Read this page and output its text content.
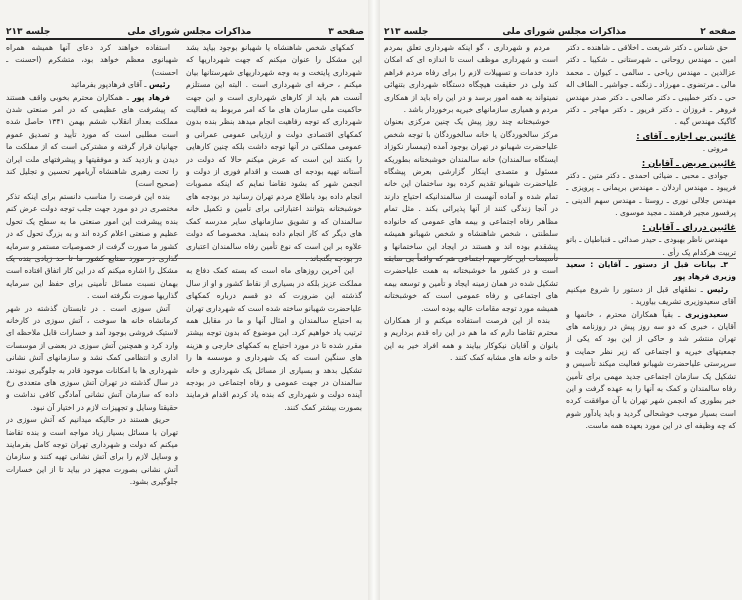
صفحه ۳
مذاکرات مجلس شورای ملی
جلسه ۲۱۳

استفاده خواهند کرد دعای آنها همیشه همراه شهبانوی معظم خواهد بود، متشکرم (احسنت ـ احسنت)

رئیس ـ آقای فرهادپور بفرمائید

فرهاد پور ـ همکاران محترم بخوبی واقف هستند که پیشرفت های عظیمی که در امر صنعتی شدن مملکت بعداز انقلاب ششم بهمن ۱۳۴۱ حاصل شده است مطلبی است که مورد تأیید و تصدیق عموم جهانیان قرار گرفته و مشترکی است که از مملکت ما دیدن و بازدید کند و موفقیتها و پیشرفتهای ملت ایران را تحت رهبری شاهنشاه آریامهر تحسین و تجلیل کند (صحیح است)

بنده این فرصت را مناسب دانستم برای اینکه تذکر مختصری در دو مورد جهت جلب توجه دولت عرض کنم بنده پیشرفت این امور صنعتی ما به سطح یک تحول عظیم و صنعتی اعلام کرده اند و به بزرگ تحول که در کشور ما صورت گرفت از خصوصیات مستمر و سرمایه مشکل را اشاره میکنم که در این کار اتفاق افتاده است بهمان نسبت مسائل تأمینی برای حفظ این سرمایه گذاریها صورت نگرفته است .

آتش سوزی است . در تابستان گذشته در شهر کرمانشاه خانه ها سوخت ، آتش سوزی در کارخانه لاستیک فروشی بوجود آمد و خسارات قابل ملاحظه ای وارد کرد و همچنین آتش سوزی در بعضی از موسسات اداری و انتظامی کمک نشد و سازمانهای آتش نشانی شهرداری ها با امکانات موجود قادر به جلوگیری نبودند. در سال گذشته در تهران آتش سوزی های متعددی رخ داده که سازمان آتش نشانی آمادگی کافی نداشت و حقیقتا وسایل و تجهیزات لازم در اختیار آن نبود.

حریق هستند در حالیکه میدانیم که آتش سوزی در تهران با مسائل بسیار زیاد مواجه است و بنده تقاضا میکنم که دولت و شهرداری تهران توجه کامل بفرمایند و وسایل لازم را برای آتش نشانی تهیه کنند و سازمان آتش نشانی بصورت مجهز در بیاید تا از این خسارات جلوگیری بشود.

کمکهای شخص شاهنشاه یا شهبانو بوجود بیاید بشد این مشکل را عنوان میکنم که جهت شهرداریها که شهرداری پایتخت و به وجه شهرداریهای شهرستانها بیان میکنم ، حرفه ای شهرداری است . البته این مستلزم آنست هم باید از کارهای شهرداری است و این جهت حاکمیت ملی سازمان های ما که امر مربوط به فعالیت شهرداری که توجه رفاهیت انجام میدهد بنظر بنده بدون کمکهای اقتصادی دولت و ارزیابی عمومی عمرانی و عمومی مملکتی در آنها توجه داشت بلکه چنین کارهایی را بکنند این است که عرض میکنم حالا که دولت در آستانه تهیه بودجه ای هست و اقدام فوری از دولت و انجمن شهر که بشود تقاضا نمایم که اینکه مصوبات انجام داده بود باطلاع مردم تهران رسانید در بودجه های خوشبختانه بتوانند اعتباراتی برای تأمین و تکمیل خانه سالمندان که و تشویق سازمانهای سایر مدرسه کمک های دیگر که کار انجام داده بنماید. مخصوصا که دولت علاوه بر این است که نوع تأمین رفاه سالمندان اعتباری

این آخرین روزهای ماه است که بسته کمک دفاع به مملکت عزیز بلکه در بسیاری از نقاط کشور و او از سال گذشته این ضرورت که دو قسم درباره کمکهای علیاحضرت شهبانو ساخته شده است که شهرداری تهران به احتیاج سالمندان و امثال آنها و ما در مقابل همه ترتیب یاد خواهیم کرد. این موضوع که بدون توجه بیشتر مقرر شده تا در مورد احتیاج به کمکهای خارجی و هزینه های سنگین است که یک شهرداری و موسسه ها را تشکیل بدهد و بسیاری از مسائل یک شهرداری و خانه سالمندان در جهت عمومی و رفاه اجتماعی در بودجه آینده دولت و شهرداری که بنده یاد کردم اقدام فرمایند بصورت بیشتر کمک کنند.

صفحه ۲
مذاکرات مجلس شورای ملی
جلسه ۲۱۳

مردم و شهرداری ، گو اینکه شهرداری تعلق بمردم است و شهرداری موظف است تا اندازه ای که امکان دارد خدمات و تسهیلات لازم را برای رفاه مردم فراهم کند ولی در حقیقت هیچگاه دستگاه شهرداری بتنهائی نمیتواند به همه امور برسد و در این راه باید از همکاری مردم و همیاری سازمانهای خیریه برخوردار باشد .

خوشبختانه چند روز پیش یک چنین مرکزی بعنوان مرکز سالخوردگان یا خانه سالخوردگان با توجه شخص علیاحضرت شهبانو در تهران بوجود آمده (تیمسار نکوزاد ایستگاه سالمندان) خانه سالمندان خوشبختانه بطوریکه مسئول و متصدی اینکار گزارشی بعرض پیشگاه علیاحضرت شهبانو تقدیم کرده بود ساختمان این خانه تمام شده و آماده آنهست از سالمندانیکه احتیاج دارند در آنجا زندگی کنند از آنها پذیرائی بکند . مثل تمام مظاهر رفاه اجتماعی و بیمه های عمومی که خانواده سلطنتی ، شخص شاهنشاه و شخص شهبانو همیشه پیشقدم بوده اند و هستند در ایجاد این ساختمانها و است و در کشور ما خوشبختانه به همت علیاحضرت تشکیل شده در همان زمینه ایجاد و تأمین و توسعه بیمه های اجتماعی و رفاه عمومی است که خوشبختانه همیشه مورد توجه مقامات عالیه بوده است.

بنده از این فرصت استفاده میکنم و از همکاران محترم تقاضا دارم که ما هم در این راه قدم برداریم و بانوان و آقایان نیکوکار بیایند و همه افراد خیر به این خانه و خانه های مشابه کمک کنند .

حق شناس ـ دکتر شریعت ـ اخلاقی ـ شاهنده ـ دکتر امین ـ مهندس روحانی ـ شهرستانی ـ شکیبا ـ دکتر عزالدین ـ مهندس ریاحی ـ سالمی ـ کیوان ـ محمد مالی ـ مرتضوی ـ مهرزاد ـ زنگنه ـ جواشیر ـ الطاف اله حی ـ دکتر خطیبی ـ دکتر صالحی ـ دکتر صدر مهندس فروهر ـ فروزان ـ دکتر فریور ـ دکتر مهاجر ـ دکتر گاگیک مهندس گیه .

غائبین بی اجازه ـ آقای :

مروتی .

غائبین مریض ـ آقایان :

جوادی ـ محبی ـ ضیائی احمدی ـ دکتر متین ـ دکتر فریبود ـ مهندس اردلان ـ مهندس بریمانی ـ پرویزی ـ مهندس جلالی نوری ـ روستا ـ مهندس سهم الدینی ـ پرفسور مجیر فرهمند ـ مجید موسوی .

غائبین دررای ـ آقایان :

مهندس ناظر بهبودی ـ حیدر صدائی ـ قنباطیان ـ باتو تربیت هرکدام یک رأی .

۳ـ بیانات قبل از دستور ـ آقایان : سعید وزیری فرهاد پور

رئیس ـ نطقهای قبل از دستور را شروع میکنیم آقای سعیدوزیری تشریف بیاورید .

سعیدوزیری ـ بقیاً همکاران محترم ، خانمها و آقایان ، خبری که دو سه روز پیش در روزنامه های تهران منتشر شد و حاکی از این بود که یکی از جمعیتهای خیریه و اجتماعی که زیر نظر حمایت و سرپرستی علیاحضرت شهبانو فعالیت میکند تأسیس و تشکیل یک سازمان اجتماعی جدید مهمی برای تأمین رفاه سالمندان و کمک به آنها را به عهده گرفت و این خبر بطوری که انجمن شهر تهران با آن موافقت کرده است بسیار موجب خوشحالی گردید و باید یادآور شوم که چه وظیفه ای در این مورد بعهده همه ماست.
